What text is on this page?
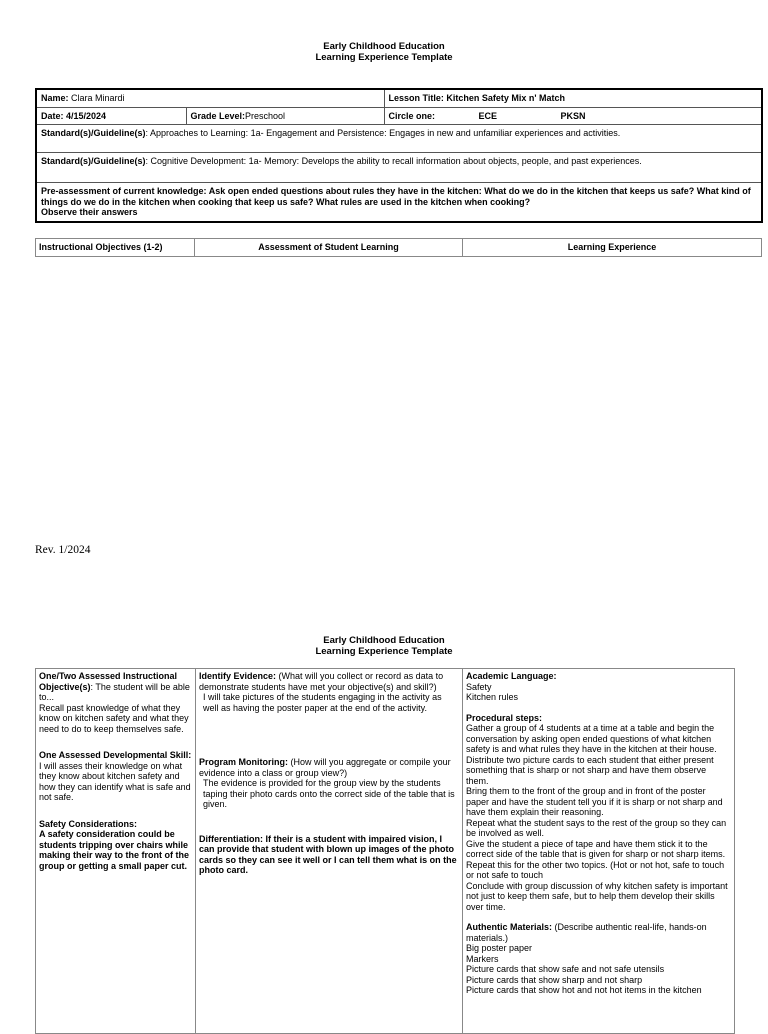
Early Childhood Education
Learning Experience Template
Name: Clara Minardi		Lesson Title: Kitchen Safety Mix n' Match
Date: 4/15/2024	Grade Level:Preschool	Circle one: ECE PKSN
Standard(s)/Guideline(s): Approaches to Learning: 1a- Engagement and Persistence: Engages in new and unfamiliar experiences and activities.		
Standard(s)/Guideline(s): Cognitive Development: 1a- Memory: Develops the ability to recall information about objects, people, and past experiences.		

Pre-assessment of current knowledge: Ask open ended questions about rules they have in the kitchen: What do we do in the kitchen that keeps us safe? What kind of things do we do in the kitchen when cooking that keep us safe? What rules are used in the kitchen when cooking?
Observe their answers		
Instructional Objectives (1-2)	Assessment of Student Learning	Learning Experience
Rev. 1/2024
Early Childhood Education
Learning Experience Template
One/Two Assessed Instructional Objective(s): The student will be able to...
Recall past knowledge of what they know on kitchen safety and what they need to do to keep themselves safe.
One Assessed Developmental Skill:
I will asses their knowledge on what they know about kitchen safety and how they can identify what is safe and not safe.
Safety Considerations:
A safety consideration could be students tripping over chairs while making their way to the front of the group or getting a small paper cut.

Identify Evidence: (What will you collect or record as data to demonstrate students have met your objective(s) and skill?)
I will take pictures of the students engaging in the activity as well as having the poster paper at the end of the activity.
Program Monitoring: (How will you aggregate or compile your evidence into a class or group view?)
The evidence is provided for the group view by the students taping their photo cards onto the correct side of the table that is given.
Differentiation: If their is a student with impaired vision, I can provide that student with blown up images of the photo cards so they can see it well or I can tell them what is on the photo card.

Academic Language:
Safety
Kitchen rules
Procedural steps:
Gather a group of 4 students at a time at a table and begin the conversation by asking open ended questions of what kitchen safety is and what rules they have in the kitchen at their house.
Distribute two picture cards to each student that either present something that is sharp or not sharp and have them observe them.
Bring them to the front of the group and in front of the poster paper and have the student tell you if it is sharp or not sharp and have them explain their reasoning.
Repeat what the student says to the rest of the group so they can be involved as well.
Give the student a piece of tape and have them stick it to the correct side of the table that is given for sharp or not sharp items.
Repeat this for the other two topics. (Hot or not hot, safe to touch or not safe to touch
Conclude with group discussion of why kitchen safety is important not just to keep them safe, but to help them develop their skills over time.
Authentic Materials: (Describe authentic real-life, hands-on materials.)
Big poster paper
Markers
Picture cards that show safe and not safe utensils
Picture cards that show sharp and not sharp
Picture cards that show hot and not hot items in the kitchen
